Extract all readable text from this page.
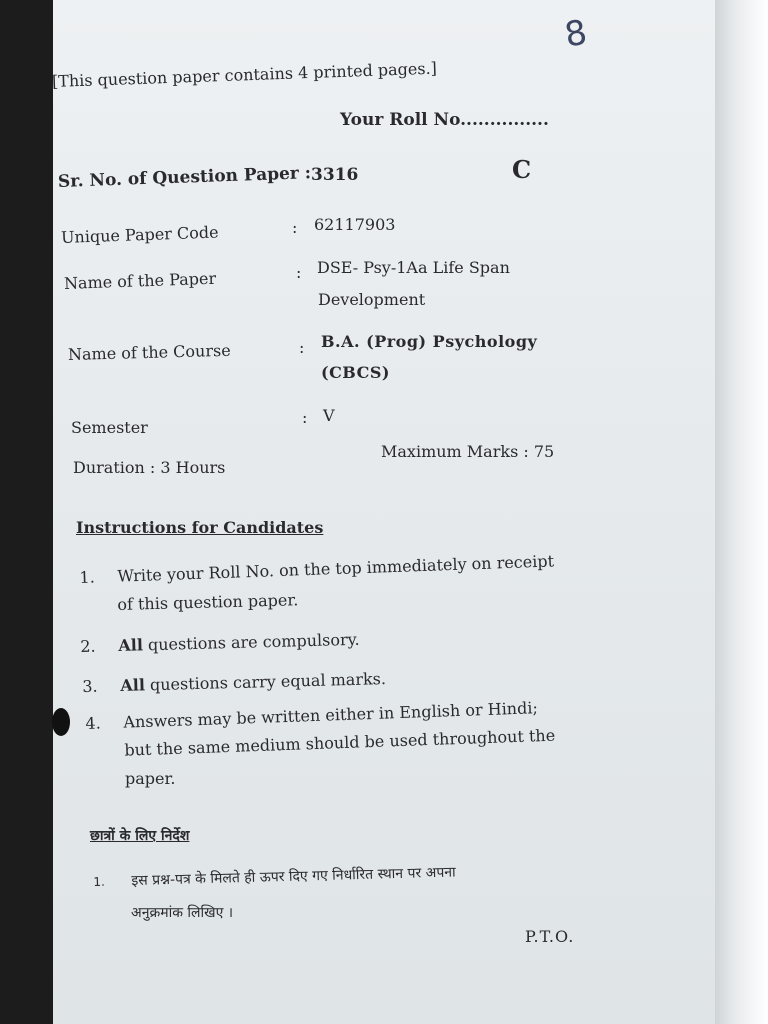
8
[This question paper contains 4 printed pages.]
Your Roll No...............
Sr. No. of Question Paper : 3316	C
Unique Paper Code	: 62117903
Name of the Paper	: DSE- Psy-1Aa Life Span
Development
Name of the Course	: B.A. (Prog) Psychology
(CBCS)
Semester
: V
Duration : 3 Hours
Maximum Marks : 75
Instructions for Candidates
1. Write your Roll No. on the top immediately on receipt
of this question paper.
2. All questions are compulsory.
3. All questions carry equal marks.
4. Answers may be written either in English or Hindi;
but the same medium should be used throughout the
paper.
छात्रों के लिए निर्देश
1. इस प्रश्न-पत्र के मिलते ही ऊपर दिए गए निर्धारित स्थान पर अपना
अनुक्रमांक लिखिए ।
P.T.O.
